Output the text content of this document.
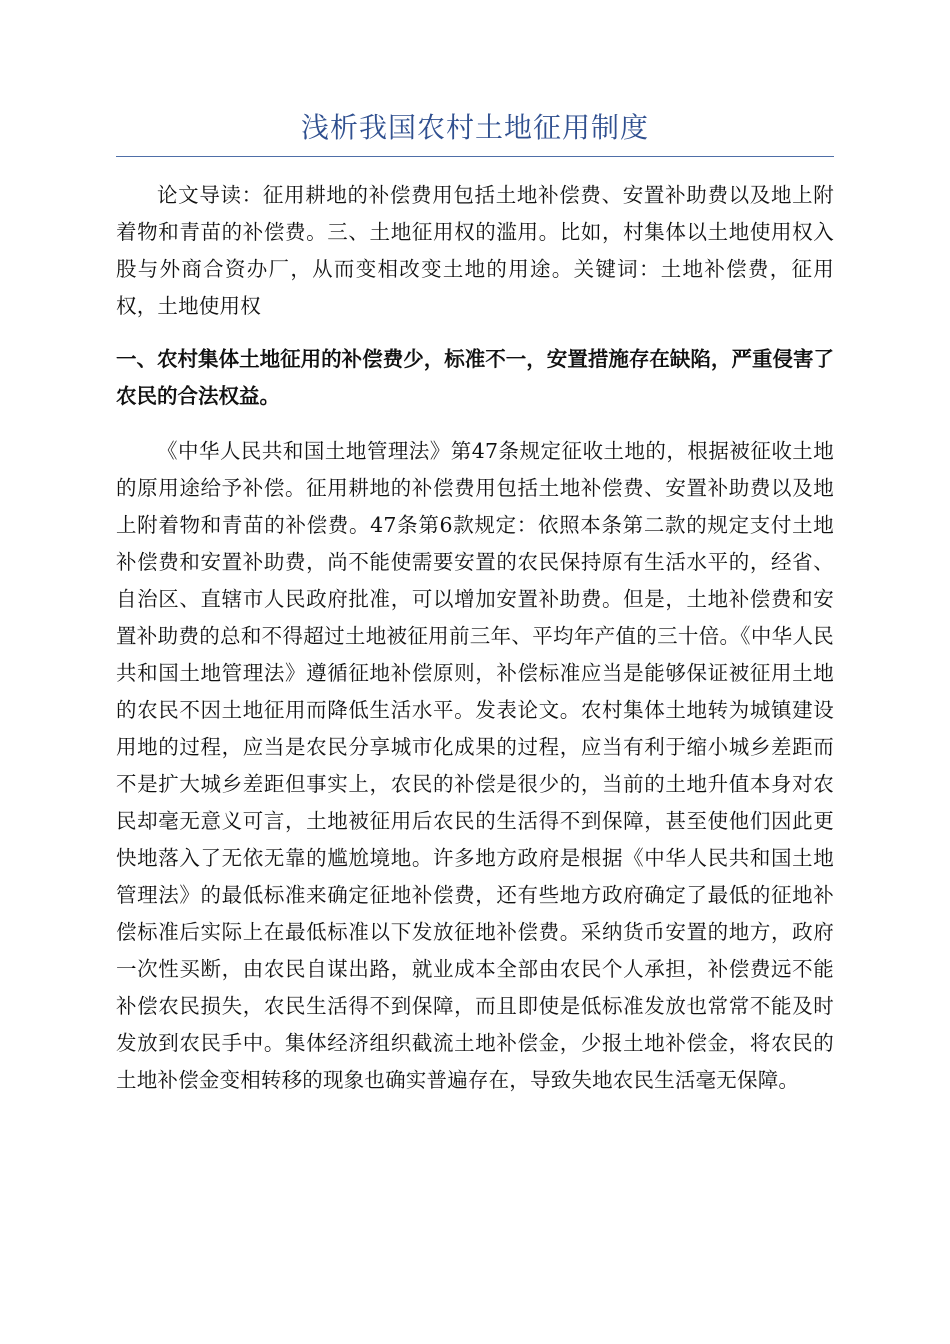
浅析我国农村土地征用制度

论文导读：征用耕地的补偿费用包括土地补偿费、安置补助费以及地上附着物和青苗的补偿费。三、土地征用权的滥用。比如，村集体以土地使用权入股与外商合资办厂，从而变相改变土地的用途。关键词：土地补偿费，征用权，土地使用权

一、农村集体土地征用的补偿费少，标准不一，安置措施存在缺陷，严重侵害了农民的合法权益。

《中华人民共和国土地管理法》第47条规定征收土地的，根据被征收土地的原用途给予补偿。征用耕地的补偿费用包括土地补偿费、安置补助费以及地上附着物和青苗的补偿费。47条第6款规定：依照本条第二款的规定支付土地补偿费和安置补助费，尚不能使需要安置的农民保持原有生活水平的，经省、自治区、直辖市人民政府批准，可以增加安置补助费。但是，土地补偿费和安置补助费的总和不得超过土地被征用前三年、平均年产值的三十倍。《中华人民共和国土地管理法》遵循征地补偿原则，补偿标准应当是能够保证被征用土地的农民不因土地征用而降低生活水平。发表论文。农村集体土地转为城镇建设用地的过程，应当是农民分享城市化成果的过程，应当有利于缩小城乡差距而不是扩大城乡差距但事实上，农民的补偿是很少的，当前的土地升值本身对农民却毫无意义可言，土地被征用后农民的生活得不到保障，甚至使他们因此更快地落入了无依无靠的尴尬境地。许多地方政府是根据《中华人民共和国土地管理法》的最低标准来确定征地补偿费，还有些地方政府确定了最低的征地补偿标准后实际上在最低标准以下发放征地补偿费。采纳货币安置的地方，政府一次性买断，由农民自谋出路，就业成本全部由农民个人承担，补偿费远不能补偿农民损失，农民生活得不到保障，而且即使是低标准发放也常常不能及时发放到农民手中。集体经济组织截流土地补偿金，少报土地补偿金，将农民的土地补偿金变相转移的现象也确实普遍存在，导致失地农民生活毫无保障。
